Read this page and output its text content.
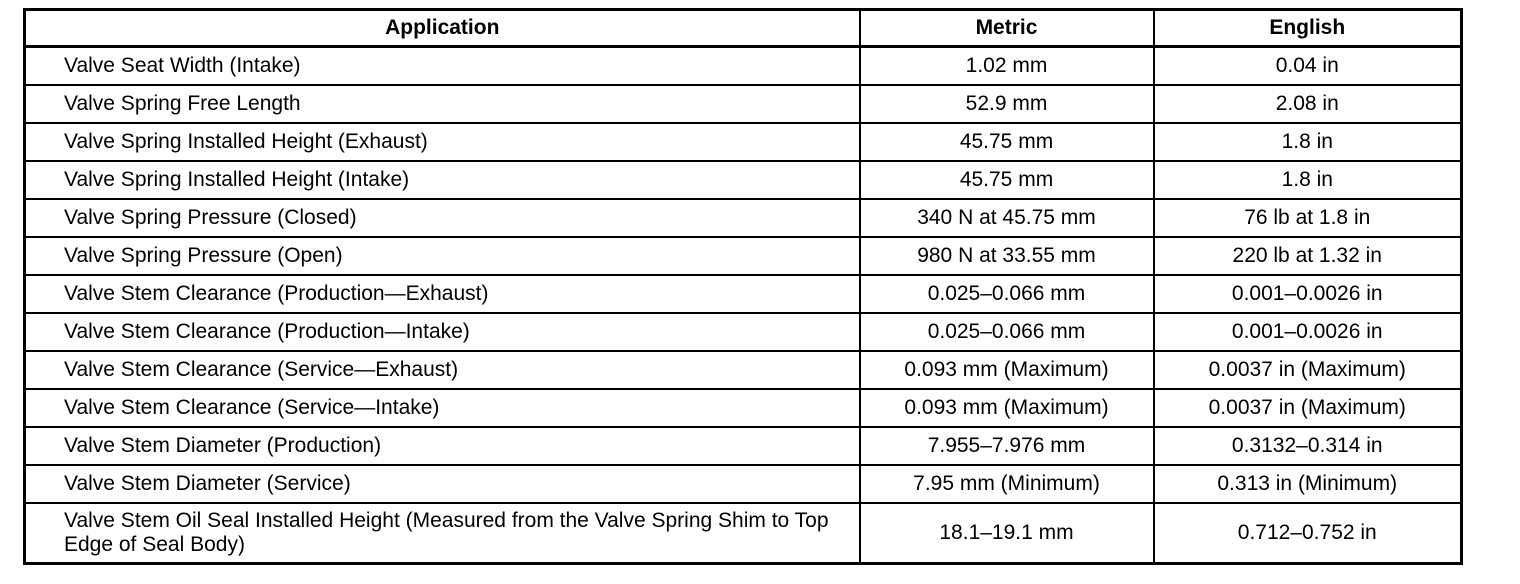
Application	Metric	English
Valve Seat Width (Intake)	1.02 mm	0.04 in
Valve Spring Free Length	52.9 mm	2.08 in
Valve Spring Installed Height (Exhaust)	45.75 mm	1.8 in
Valve Spring Installed Height (Intake)	45.75 mm	1.8 in
Valve Spring Pressure (Closed)	340 N at 45.75 mm	76 lb at 1.8 in
Valve Spring Pressure (Open)	980 N at 33.55 mm	220 lb at 1.32 in
Valve Stem Clearance (Production—Exhaust)	0.025–0.066 mm	0.001–0.0026 in
Valve Stem Clearance (Production—Intake)	0.025–0.066 mm	0.001–0.0026 in
Valve Stem Clearance (Service—Exhaust)	0.093 mm (Maximum)	0.0037 in (Maximum)
Valve Stem Clearance (Service—Intake)	0.093 mm (Maximum)	0.0037 in (Maximum)
Valve Stem Diameter (Production)	7.955–7.976 mm	0.3132–0.314 in
Valve Stem Diameter (Service)	7.95 mm (Minimum)	0.313 in (Minimum)
Valve Stem Oil Seal Installed Height (Measured from the Valve Spring Shim to Top Edge of Seal Body)	18.1–19.1 mm	0.712–0.752 in
